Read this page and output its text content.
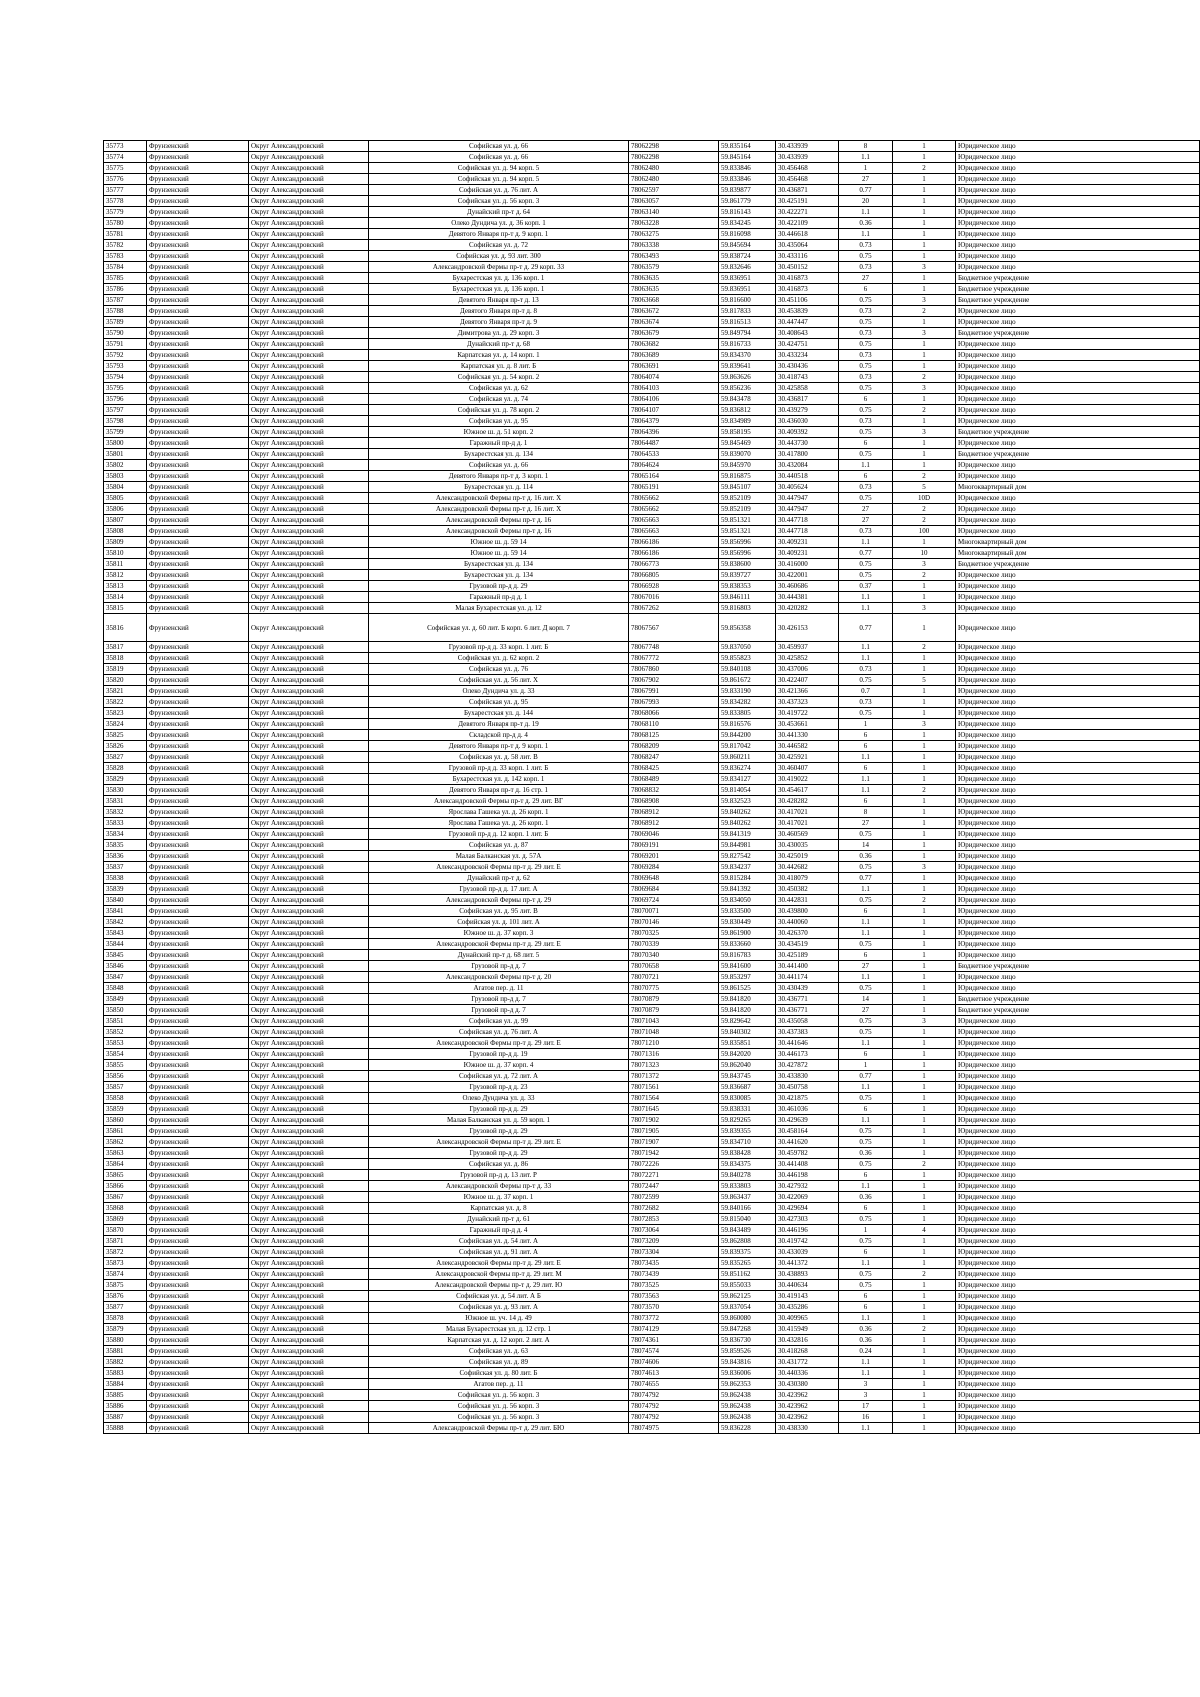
35773	Фрунзенский	Округ Александровский	Софийская ул. д. 66	78062298	59.835164	30.433939	8	1	Юридическое лицо
35774	Фрунзенский	Округ Александровский	Софийская ул. д. 66	78062298	59.845164	30.433939	1.1	1	Юридическое лицо
35775	Фрунзенский	Округ Александровский	Софийская ул. д. 94 корп. 5	78062480	59.833846	30.456468	1	2	Юридическое лицо
35776	Фрунзенский	Округ Александровский	Софийская ул. д. 94 корп. 5	78062480	59.833846	30.456468	27	1	Юридическое лицо
35777	Фрунзенский	Округ Александровский	Софийская ул. д. 76 лит. А	78062597	59.839877	30.436871	0.77	1	Юридическое лицо
35778	Фрунзенский	Округ Александровский	Софийская ул. д. 56 корп. 3	78063057	59.861779	30.425191	20	1	Юридическое лицо
35779	Фрунзенский	Округ Александровский	Дунайский пр-т д. 64	78063140	59.816143	30.422271	1.1	1	Юридическое лицо
35780	Фрунзенский	Округ Александровский	Олеко Дундича ул. д. 36 корп. 1	78063228	59.834245	30.422109	0.36	1	Юридическое лицо
35781	Фрунзенский	Округ Александровский	Девятого Января пр-т д. 9 корп. 1	78063275	59.816098	30.446618	1.1	1	Юридическое лицо
35782	Фрунзенский	Округ Александровский	Софийская ул. д. 72	78063338	59.845694	30.435064	0.73	1	Юридическое лицо
35783	Фрунзенский	Округ Александровский	Софийская ул. д. 93 лит. 300	78063493	59.838724	30.433116	0.75	1	Юридическое лицо
35784	Фрунзенский	Округ Александровский	Александровской Фермы пр-т д. 29 корп. 33	78063579	59.832646	30.450152	0.73	3	Юридическое лицо
35785	Фрунзенский	Округ Александровский	Бухарестская ул. д. 136 корп. 1	78063635	59.836951	30.416873	27	1	Бюджетное учреждение
35786	Фрунзенский	Округ Александровский	Бухарестская ул. д. 136 корп. 1	78063635	59.836951	30.416873	6	1	Бюджетное учреждение
35787	Фрунзенский	Округ Александровский	Девятого Января пр-т д. 13	78063668	59.816600	30.451106	0.75	3	Бюджетное учреждение
35788	Фрунзенский	Округ Александровский	Девятого Января пр-т д. 8	78063672	59.817833	30.453839	0.73	2	Юридическое лицо
35789	Фрунзенский	Округ Александровский	Девятого Января пр-т д. 9	78063674	59.816513	30.447447	0.75	1	Юридическое лицо
35790	Фрунзенский	Округ Александровский	Димитрова ул. д. 29 корп. 3	78063679	59.849794	30.408643	0.73	3	Бюджетное учреждение
35791	Фрунзенский	Округ Александровский	Дунайский пр-т д. 68	78063682	59.816733	30.424751	0.75	1	Юридическое лицо
35792	Фрунзенский	Округ Александровский	Карпатская ул. д. 14 корп. 1	78063689	59.834370	30.433234	0.73	1	Юридическое лицо
35793	Фрунзенский	Округ Александровский	Карпатская ул. д. 8 лит. Б	78063691	59.839641	30.430436	0.75	1	Юридическое лицо
35794	Фрунзенский	Округ Александровский	Софийская ул. д. 54 корп. 2	78064074	59.863626	30.418743	0.73	2	Юридическое лицо
35795	Фрунзенский	Округ Александровский	Софийская ул. д. 62	78064103	59.856236	30.425858	0.75	3	Юридическое лицо
35796	Фрунзенский	Округ Александровский	Софийская ул. д. 74	78064106	59.843478	30.436817	6	1	Юридическое лицо
35797	Фрунзенский	Округ Александровский	Софийская ул. д. 78 корп. 2	78064107	59.836812	30.439279	0.75	2	Юридическое лицо
35798	Фрунзенский	Округ Александровский	Софийская ул. д. 95	78064379	59.834989	30.436030	0.73	1	Юридическое лицо
35799	Фрунзенский	Округ Александровский	Южное ш. д. 51 корп. 2	78064396	59.858195	30.409392	0.75	3	Бюджетное учреждение
35800	Фрунзенский	Округ Александровский	Гаражный пр-д д. 1	78064487	59.845469	30.443730	6	1	Юридическое лицо
35801	Фрунзенский	Округ Александровский	Бухарестская ул. д. 134	78064533	59.839070	30.417800	0.75	1	Бюджетное учреждение
35802	Фрунзенский	Округ Александровский	Софийская ул. д. 66	78064624	59.845970	30.432084	1.1	1	Юридическое лицо
35803	Фрунзенский	Округ Александровский	Девятого Января пр-т д. 3 корп. 1	78065164	59.816875	30.440518	6	2	Юридическое лицо
35804	Фрунзенский	Округ Александровский	Бухарестская ул. д. 114	78065191	59.845107	30.405624	0.73	5	Многоквартирный дом
35805	Фрунзенский	Округ Александровский	Александровской Фермы пр-т д. 16 лит. Х	78065662	59.852109	30.447947	0.75	10D	Юридическое лицо
35806	Фрунзенский	Округ Александровский	Александровской Фермы пр-т д. 16 лит. Х	78065662	59.852109	30.447947	27	2	Юридическое лицо
35807	Фрунзенский	Округ Александровский	Александровской Фермы пр-т д. 16	78065663	59.851321	30.447718	27	2	Юридическое лицо
35808	Фрунзенский	Округ Александровский	Александровской Фермы пр-т д. 16	78065663	59.851321	30.447718	0.73	100	Юридическое лицо
35809	Фрунзенский	Округ Александровский	Южное ш. д. 59 14	78066186	59.856996	30.409231	1.1	1	Многоквартирный дом
35810	Фрунзенский	Округ Александровский	Южное ш. д. 59 14	78066186	59.856996	30.409231	0.77	10	Многоквартирный дом
35811	Фрунзенский	Округ Александровский	Бухарестская ул. д. 134	78066773	59.838600	30.416000	0.75	3	Бюджетное учреждение
35812	Фрунзенский	Округ Александровский	Бухарестская ул. д. 134	78066805	59.839727	30.422001	0.75	2	Юридическое лицо
35813	Фрунзенский	Округ Александровский	Грузовой пр-д д. 29	78066928	59.838353	30.460686	0.37	1	Юридическое лицо
35814	Фрунзенский	Округ Александровский	Гаражный пр-д д. 1	78067016	59.846111	30.444381	1.1	1	Юридическое лицо
35815	Фрунзенский	Округ Александровский	Малая Бухарестская ул. д. 12	78067262	59.816803	30.420282	1.1	3	Юридическое лицо
35816	Фрунзенский	Округ Александровский	Софийская ул. д. 60 лит. Б корп. 6 лит. Д корп. 7	78067567	59.856358	30.426153	0.77	1	Юридическое лицо
35817	Фрунзенский	Округ Александровский	Грузовой пр-д д. 33 корп. 1 лит. Б	78067748	59.837050	30.459937	1.1	2	Юридическое лицо
35818	Фрунзенский	Округ Александровский	Софийская ул. д. 62 корп. 2	78067772	59.855823	30.425852	1.1	1	Юридическое лицо
35819	Фрунзенский	Округ Александровский	Софийская ул. д. 76	78067860	59.840108	30.437006	0.73	1	Юридическое лицо
35820	Фрунзенский	Округ Александровский	Софийская ул. д. 56 лит. Х	78067902	59.861672	30.422407	0.75	5	Юридическое лицо
35821	Фрунзенский	Округ Александровский	Олеко Дундича ул. д. 33	78067991	59.833190	30.421366	0.7	1	Юридическое лицо
35822	Фрунзенский	Округ Александровский	Софийская ул. д. 95	78067993	59.834282	30.437323	0.73	1	Юридическое лицо
35823	Фрунзенский	Округ Александровский	Бухарестская ул. д. 144	78068066	59.833805	30.419722	0.75	1	Юридическое лицо
35824	Фрунзенский	Округ Александровский	Девятого Января пр-т д. 19	78068110	59.816576	30.453661	1	3	Юридическое лицо
35825	Фрунзенский	Округ Александровский	Складской пр-д д. 4	78068125	59.844200	30.441330	6	1	Юридическое лицо
35826	Фрунзенский	Округ Александровский	Девятого Января пр-т д. 9 корп. 1	78068209	59.817042	30.446582	6	1	Юридическое лицо
35827	Фрунзенский	Округ Александровский	Софийская ул. д. 58 лит. В	78068247	59.860211	30.425921	1.1	1	Юридическое лицо
35828	Фрунзенский	Округ Александровский	Грузовой пр-д д. 33 корп. 1 лит. Б	78068425	59.836274	30.460407	6	1	Юридическое лицо
35829	Фрунзенский	Округ Александровский	Бухарестская ул. д. 142 корп. 1	78068489	59.834127	30.419022	1.1	1	Юридическое лицо
35830	Фрунзенский	Округ Александровский	Девятого Января пр-т д. 16 стр. 1	78068832	59.814054	30.454617	1.1	2	Юридическое лицо
35831	Фрунзенский	Округ Александровский	Александровской Фермы пр-т д. 29 лит. ВГ	78068908	59.832523	30.428282	6	1	Юридическое лицо
35832	Фрунзенский	Округ Александровский	Ярослава Гашека ул. д. 26 корп. 1	78068912	59.840262	30.417021	8	1	Юридическое лицо
35833	Фрунзенский	Округ Александровский	Ярослава Гашека ул. д. 26 корп. 1	78068912	59.840262	30.417021	27	1	Юридическое лицо
35834	Фрунзенский	Округ Александровский	Грузовой пр-д д. 12 корп. 1 лит. Б	78069046	59.841319	30.460569	0.75	1	Юридическое лицо
35835	Фрунзенский	Округ Александровский	Софийская ул. д. 87	78069191	59.844981	30.430035	14	1	Юридическое лицо
35836	Фрунзенский	Округ Александровский	Малая Балканская ул. д. 57А	78069201	59.827542	30.425019	0.36	1	Юридическое лицо
35837	Фрунзенский	Округ Александровский	Александровской Фермы пр-т д. 29 лит. Е	78069284	59.834237	30.442682	0.75	3	Юридическое лицо
35838	Фрунзенский	Округ Александровский	Дунайский пр-т д. 62	78069648	59.815284	30.418079	0.77	1	Юридическое лицо
35839	Фрунзенский	Округ Александровский	Грузовой пр-д д. 17 лит. А	78069684	59.841392	30.450382	1.1	1	Юридическое лицо
35840	Фрунзенский	Округ Александровский	Александровской Фермы пр-т д. 29	78069724	59.834050	30.442831	0.75	2	Юридическое лицо
35841	Фрунзенский	Округ Александровский	Софийская ул. д. 95 лит. В	78070071	59.833500	30.439800	6	1	Юридическое лицо
35842	Фрунзенский	Округ Александровский	Софийская ул. д. 101 лит. А	78070146	59.830449	30.440060	1.1	1	Юридическое лицо
35843	Фрунзенский	Округ Александровский	Южное ш. д. 37 корп. 3	78070325	59.861900	30.426370	1.1	1	Юридическое лицо
35844	Фрунзенский	Округ Александровский	Александровской Фермы пр-т д. 29 лит. Е	78070339	59.833660	30.434519	0.75	1	Юридическое лицо
35845	Фрунзенский	Округ Александровский	Дунайский пр-т д. 68 лит. 5	78070340	59.816783	30.425189	6	1	Юридическое лицо
35846	Фрунзенский	Округ Александровский	Грузовой пр-д д. 7	78070658	59.841600	30.441400	27	1	Бюджетное учреждение
35847	Фрунзенский	Округ Александровский	Александровской Фермы пр-т д. 20	78070721	59.853297	30.441174	1.1	1	Юридическое лицо
35848	Фрунзенский	Округ Александровский	Агатов пер. д. 11	78070775	59.861525	30.430439	0.75	1	Юридическое лицо
35849	Фрунзенский	Округ Александровский	Грузовой пр-д д. 7	78070879	59.841820	30.436771	14	1	Бюджетное учреждение
35850	Фрунзенский	Округ Александровский	Грузовой пр-д д. 7	78070879	59.841820	30.436771	27	1	Бюджетное учреждение
35851	Фрунзенский	Округ Александровский	Софийская ул. д. 99	78071043	59.829642	30.435058	0.75	3	Юридическое лицо
35852	Фрунзенский	Округ Александровский	Софийская ул. д. 76 лит. А	78071048	59.840302	30.437383	0.75	1	Юридическое лицо
35853	Фрунзенский	Округ Александровский	Александровской Фермы пр-т д. 29 лит. Е	78071210	59.835851	30.441646	1.1	1	Юридическое лицо
35854	Фрунзенский	Округ Александровский	Грузовой пр-д д. 19	78071316	59.842020	30.446173	6	1	Юридическое лицо
35855	Фрунзенский	Округ Александровский	Южное ш. д. 37 корп. 4	78071323	59.862040	30.427872	1	1	Юридическое лицо
35856	Фрунзенский	Округ Александровский	Софийская ул. д. 72 лит. А	78071372	59.843745	30.433830	0.77	1	Юридическое лицо
35857	Фрунзенский	Округ Александровский	Грузовой пр-д д. 23	78071561	59.836687	30.450758	1.1	1	Юридическое лицо
35858	Фрунзенский	Округ Александровский	Олеко Дундича ул. д. 33	78071564	59.830085	30.421875	0.75	1	Юридическое лицо
35859	Фрунзенский	Округ Александровский	Грузовой пр-д д. 29	78071645	59.838331	30.461036	6	1	Юридическое лицо
35860	Фрунзенский	Округ Александровский	Малая Балканская ул. д. 59 корп. 1	78071902	59.829265	30.429639	1.1	1	Юридическое лицо
35861	Фрунзенский	Округ Александровский	Грузовой пр-д д. 29	78071905	59.839355	30.458164	0.75	1	Юридическое лицо
35862	Фрунзенский	Округ Александровский	Александровской Фермы пр-т д. 29 лит. Е	78071907	59.834710	30.441620	0.75	1	Юридическое лицо
35863	Фрунзенский	Округ Александровский	Грузовой пр-д д. 29	78071942	59.838428	30.459782	0.36	1	Юридическое лицо
35864	Фрунзенский	Округ Александровский	Софийская ул. д. 86	78072226	59.834375	30.441408	0.75	2	Юридическое лицо
35865	Фрунзенский	Округ Александровский	Грузовой пр-д д. 13 лит. Р	78072271	59.840278	30.446198	6	1	Юридическое лицо
35866	Фрунзенский	Округ Александровский	Александровской Фермы пр-т д. 33	78072447	59.833803	30.427932	1.1	1	Юридическое лицо
35867	Фрунзенский	Округ Александровский	Южное ш. д. 37 корп. 1	78072599	59.863437	30.422069	0.36	1	Юридическое лицо
35868	Фрунзенский	Округ Александровский	Карпатская ул. д. 8	78072682	59.840166	30.429694	6	1	Юридическое лицо
35869	Фрунзенский	Округ Александровский	Дунайский пр-т д. 61	78072853	59.815040	30.427303	0.75	1	Юридическое лицо
35870	Фрунзенский	Округ Александровский	Гаражный пр-д д. 4	78073064	59.843489	30.446196	1	4	Юридическое лицо
35871	Фрунзенский	Округ Александровский	Софийская ул. д. 54 лит. А	78073209	59.862808	30.419742	0.75	1	Юридическое лицо
35872	Фрунзенский	Округ Александровский	Софийская ул. д. 91 лит. А	78073304	59.839375	30.433039	6	1	Юридическое лицо
35873	Фрунзенский	Округ Александровский	Александровской Фермы пр-т д. 29 лит. Е	78073435	59.835265	30.441372	1.1	1	Юридическое лицо
35874	Фрунзенский	Округ Александровский	Александровской Фермы пр-т д. 29 лит. М	78073439	59.851162	30.438893	0.75	2	Юридическое лицо
35875	Фрунзенский	Округ Александровский	Александровской Фермы пр-т д. 29 лит. Ю	78073525	59.855033	30.440634	0.75	1	Юридическое лицо
35876	Фрунзенский	Округ Александровский	Софийская ул. д. 54 лит. А Б	78073563	59.862125	30.419143	6	1	Юридическое лицо
35877	Фрунзенский	Округ Александровский	Софийская ул. д. 93 лит. А	78073570	59.837054	30.435286	6	1	Юридическое лицо
35878	Фрунзенский	Округ Александровский	Южное ш. уч. 14 д. 49	78073772	59.860080	30.409965	1.1	1	Юридическое лицо
35879	Фрунзенский	Округ Александровский	Малая Бухарестская ул. д. 12 стр. 1	78074129	59.847268	30.415949	0.36	2	Юридическое лицо
35880	Фрунзенский	Округ Александровский	Карпатская ул. д. 12 корп. 2 лит. А	78074361	59.836730	30.432816	0.36	1	Юридическое лицо
35881	Фрунзенский	Округ Александровский	Софийская ул. д. 63	78074574	59.859526	30.418268	0.24	1	Юридическое лицо
35882	Фрунзенский	Округ Александровский	Софийская ул. д. 89	78074606	59.843816	30.431772	1.1	1	Юридическое лицо
35883	Фрунзенский	Округ Александровский	Софийская ул. д. 80 лит. Б	78074613	59.836006	30.440336	1.1	1	Юридическое лицо
35884	Фрунзенский	Округ Александровский	Агатов пер. д. 11	78074655	59.862353	30.430380	3	1	Юридическое лицо
35885	Фрунзенский	Округ Александровский	Софийская ул. д. 56 корп. 3	78074792	59.862438	30.423962	3	1	Юридическое лицо
35886	Фрунзенский	Округ Александровский	Софийская ул. д. 56 корп. 3	78074792	59.862438	30.423962	17	1	Юридическое лицо
35887	Фрунзенский	Округ Александровский	Софийская ул. д. 56 корп. 3	78074792	59.862438	30.423962	16	1	Юридическое лицо
35888	Фрунзенский	Округ Александровский	Александровской Фермы пр-т д. 29 лит. БЮ	78074975	59.836228	30.438330	1.1	1	Юридическое лицо
